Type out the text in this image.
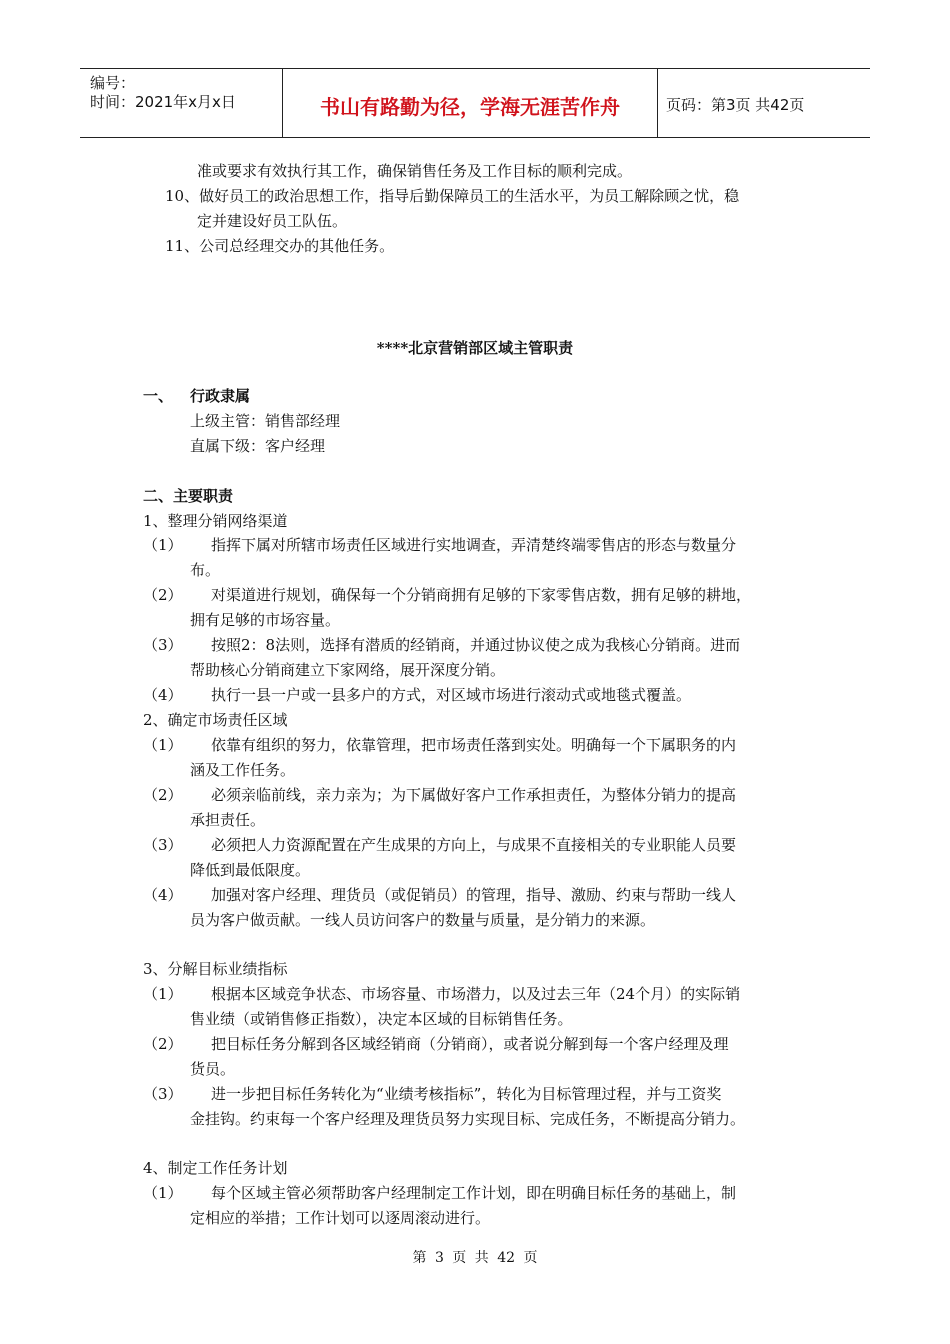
编号：
时间：2021年x月x日	书山有路勤为径，学海无涯苦作舟	页码：第3页 共42页
准或要求有效执行其工作，确保销售任务及工作目标的顺利完成。
10、做好员工的政治思想工作，指导后勤保障员工的生活水平，为员工解除顾之忧，稳
定并建设好员工队伍。
11、公司总经理交办的其他任务。
****北京营销部区域主管职责
一、 行政隶属
上级主管：销售部经理
直属下级：客户经理
二、主要职责
1、整理分销网络渠道
（1） 指挥下属对所辖市场责任区域进行实地调查，弄清楚终端零售店的形态与数量分
布。
（2） 对渠道进行规划，确保每一个分销商拥有足够的下家零售店数，拥有足够的耕地，
拥有足够的市场容量。
（3） 按照2：8法则，选择有潜质的经销商，并通过协议使之成为我核心分销商。进而
帮助核心分销商建立下家网络，展开深度分销。
（4） 执行一县一户或一县多户的方式，对区域市场进行滚动式或地毯式覆盖。
2、确定市场责任区域
（1） 依靠有组织的努力，依靠管理，把市场责任落到实处。明确每一个下属职务的内
涵及工作任务。
（2） 必须亲临前线，亲力亲为；为下属做好客户工作承担责任，为整体分销力的提高
承担责任。
（3） 必须把人力资源配置在产生成果的方向上，与成果不直接相关的专业职能人员要
降低到最低限度。
（4） 加强对客户经理、理货员（或促销员）的管理，指导、激励、约束与帮助一线人
员为客户做贡献。一线人员访问客户的数量与质量，是分销力的来源。
3、分解目标业绩指标
（1） 根据本区域竞争状态、市场容量、市场潜力，以及过去三年（24个月）的实际销
售业绩（或销售修正指数），决定本区域的目标销售任务。
（2） 把目标任务分解到各区域经销商（分销商），或者说分解到每一个客户经理及理
货员。
（3） 进一步把目标任务转化为“业绩考核指标”，转化为目标管理过程，并与工资奖
金挂钩。约束每一个客户经理及理货员努力实现目标、完成任务，不断提高分销力。
4、制定工作任务计划
（1） 每个区域主管必须帮助客户经理制定工作计划，即在明确目标任务的基础上，制
定相应的举措；工作计划可以逐周滚动进行。
第 3 页 共 42 页
